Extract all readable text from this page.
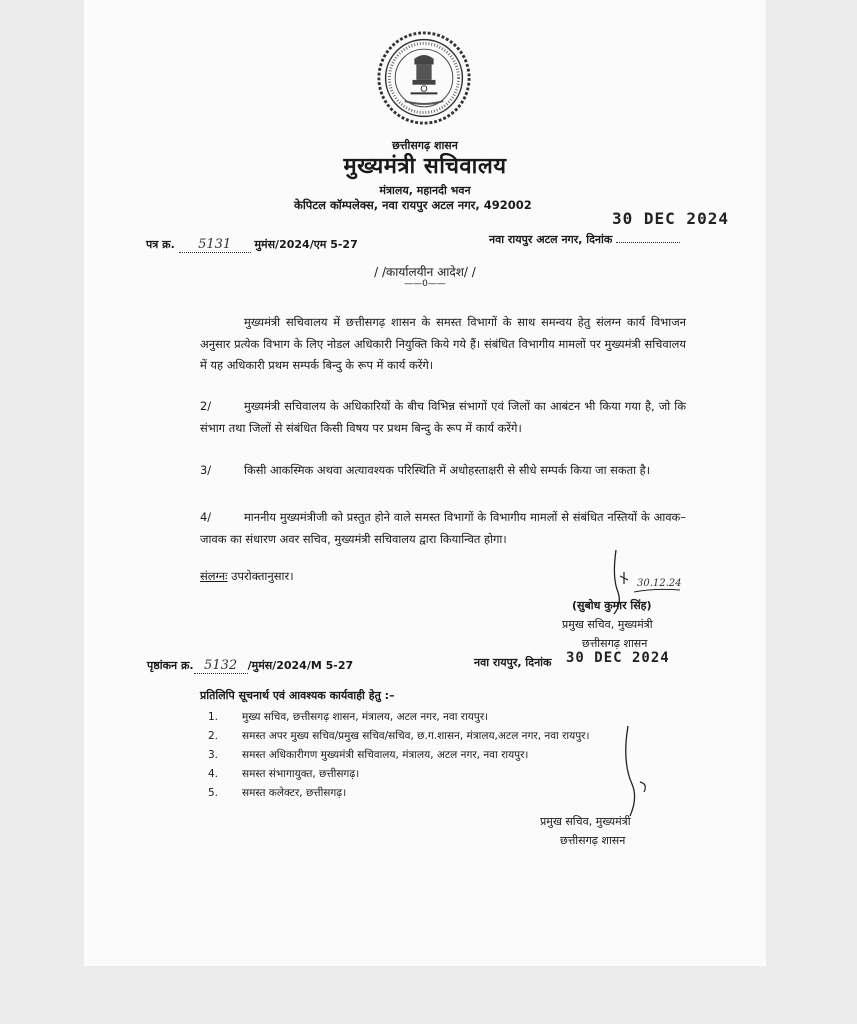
छत्तीसगढ़ शासन
मुख्यमंत्री सचिवालय
मंत्रालय, महानदी भवन
केपिटल कॉम्पलेक्स, नवा रायपुर अटल नगर, 492002
30 DEC 2024
पत्र क्र. 5131 मुमंस/2024/एम 5-27	नवा रायपुर अटल नगर, दिनांक
/ /कार्यालयीन आदेश/ /
——0——
मुख्यमंत्री सचिवालय में छत्तीसगढ़ शासन के समस्त विभागों के साथ समन्वय हेतु संलग्न कार्य विभाजन अनुसार प्रत्येक विभाग के लिए नोडल अधिकारी नियुक्ति किये गये हैं। संबंधित विभागीय मामलों पर मुख्यमंत्री सचिवालय में यह अधिकारी प्रथम सम्पर्क बिन्दु के रूप में कार्य करेंगे।
2/	मुख्यमंत्री सचिवालय के अधिकारियों के बीच विभिन्न संभागों एवं जिलों का आबंटन भी किया गया है, जो कि संभाग तथा जिलों से संबंधित किसी विषय पर प्रथम बिन्दु के रूप में कार्य करेंगे।
3/	किसी आकस्मिक अथवा अत्यावश्यक परिस्थिति में अधोहस्ताक्षरी से सीधे सम्पर्क किया जा सकता है।
4/	माननीय मुख्यमंत्रीजी को प्रस्तुत होने वाले समस्त विभागों के विभागीय मामलों से संबंधित नस्तियों के आवक–जावक का संधारण अवर सचिव, मुख्यमंत्री सचिवालय द्वारा कियान्वित होगा।
संलग्नः उपरोक्तानुसार।
30.12.24
(सुबोध कुमार सिंह)
प्रमुख सचिव, मुख्यमंत्री
छत्तीसगढ़ शासन
पृष्ठांकन क्र. 5132 /मुमंस/2024/M 5-27	नवा रायपुर, दिनांक 30 DEC 2024
प्रतिलिपि सूचनार्थ एवं आवश्यक कार्यवाही हेतु :–
1. मुख्य सचिव, छत्तीसगढ़ शासन, मंत्रालय, अटल नगर, नवा रायपुर।
2. समस्त अपर मुख्य सचिव/प्रमुख सचिव/सचिव, छ.ग.शासन, मंत्रालय,अटल नगर, नवा रायपुर।
3. समस्त अधिकारीगण मुख्यमंत्री सचिवालय, मंत्रालय, अटल नगर, नवा रायपुर।
4. समस्त संभागायुक्त, छत्तीसगढ़।
5. समस्त कलेक्टर, छत्तीसगढ़।
प्रमुख सचिव, मुख्यमंत्री
छत्तीसगढ़ शासन
